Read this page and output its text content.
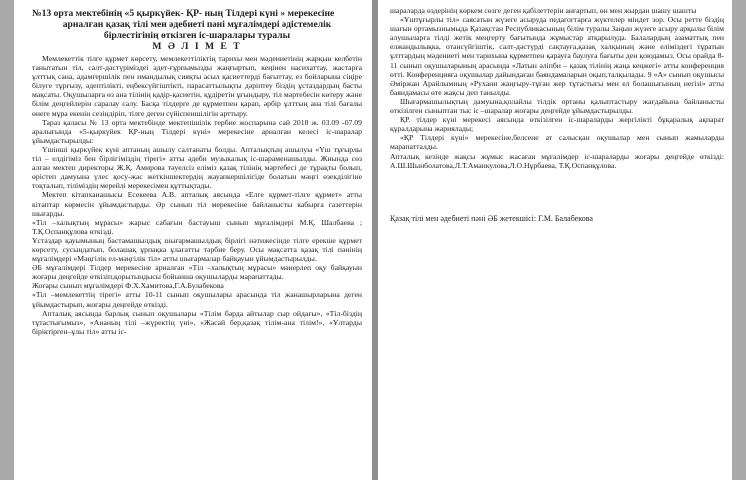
№13 орта мектебінің «5 қыркүйек- ҚР- ның Тілдері күні » мерекесіне
арналған қазақ тілі мен әдебиеті пәні мұғалімдері әдістемелік
бірлестігінің өткізген іс-шаралары туралы
М Ә Л І М Е Т

Мемлекеттік тілге құрмет көрсету, мемлекеттіліктің тарихы мен мәдениетінің жарқын келбетін танытатын тіл, салт-дәстүріміздеі әдет-ғұрпымызды жаңғыртып, кеңінен насихаттау, жастарға ұлттық сана, адамгершілік пен имандылық сияқты асыл қасиеттерді бағыттау, ез бойларына сіңіре білуге тұрғызу, әдептілікті, еңбексүйгіштікті, парасаттылықты дәріптеу біздің ұстаздардың басты мақсаты. Оқушыларға өз ана тілінің қадір-қасиетін, құдіретін ұғындыру, тіл мәртебесін көтеру және бiлiм деңгейлерiн саралау салу. Басқа тілдерге де құрметпен қарап, әрбір ұлттың ана тілі бағалы өнеге мұра екенін сезіндіріп, тілге деген сүйіспеншілігін арттыру.

Тараз қаласы № 13 орта мектебінде мектепішілік тербие жоспарына сай 2018 ж. 03.09 -07.09 аралығында «5-қыркүйек ҚР-ның Тілдері күні» мерекесіне арналған келесі іс-шаралар ұйымдастырылды:

Үшінші қыркүйек күні аптаның ашылу салтанаты болды. Апталықтың ашылуы «Үш тұғырлы тіл – елдігіміз бен бірлігіміздің тірегі» атты әдеби музыкалық іс-шараменашылды. Жиында сөз алған мектеп директоры Ж.Қ. Амирова тәуелсіз еліміз қазақ тілінің мәртебесі де тұрақты болып, өрістеп дамуына үлес қосу-жас жеткіншектердің жауапкершілігіде болатын мәңгі өзекділігіне тоқталып, тіліміздің мерейлі мерекесімен құттықтады.

Мектеп кітапханашысы Есекеева А.В. апталық аясында «Елге құрмет-тілге құрмет» атты кітаптар көрмесін ұйымдастырды. Әр сынып тіл мерекесіне байланысты кабырға газеттерін шығарды.

«Тіл –халықтың мұрасы» жарыс сабағын бастауыш сынып мұғалімдері М.Қ. Шалбаева ; Т.Қ.Оспанқұлова өткізді.

Ұстаздар қауымының бастамашылдық шығармашылдық бірлігі нәтижесінде тілге ерекше құрмет көрсету, сусындатып, болашақ ұрпақка ұлағатты тәрбие беру. Осы мақсатта қазақ тілі пәнінің мұғалімдері «Мәңгілік ел-мәңгілік тіл» атты шығармалар байқауын ұйымдастырылды.

ӘБ мұғалімдері Тілдер мерекесіне арналған «Тіл –халықтың мұрасы» мәнерлеп оқу байқауын жоғары деңгейде өткізіп,қорытындысы бойынша оқушыларды марапаттады.

Жоғары сынып мұғалімдері Ф.Х.Хамитова,Г.А.Булабекова

«Тіл –мемлекеттің тірегі» атты 10-11 сынып оқушылары арасында тіл жанашырларына деген ұйымдастырып, жоғары деңгейде өткізді.

Апталық аясында барлық сынып оқушылары «Тілім бәрда айтылар сыр ойдағы», «Тіл-біздің тұтастығымыз», «Ананың тілі –жүректің үні», «Жасай бер,қазақ тілім-ана тілім!», «Ұлтарды біріктірген–ұлы тіл» атты іс-

шараларда өздерінің көркем сөзге деген қабілеттерін анғартып, өн мен жырдан шашу шашты

«Ұштұғырлы тіл» саясатын жүзеге асыруда педагогтарға жүктелер міндет зор. Осы ретте біздің шағын ортамызнымыда Қазақстан Республикасының білім туралы Заңын жүзеге асыру арқылы білім алушыларға тілді жетік меңгерту бағытында жұмыстар атқарылуда. Балалардың азаматтық пен елжандылықка, отансүйгіштік, салт-дәстүрді сақтауға,қазақ халқының және еліміздегі тұратын ұлттардың мәдениеті мен тарихына құрметпен қарауға баулуға бағыты ден қоюдамыз. Осы орайда 8-11 сынып оқушыларының арасында «Латын әліпби – қазақ тілінің жаңа кеңжегі» атты конференция өтті. Конференцияға оқушылар дайындаған баяндамаларын оқып,талқылады. 9 «А» сынып оқушысы Әміржан Арайлымның «Рухани жаңғыру-тұған жер тұтастығы мен ел болашығының негізі» атты баяндамасы өте жақсы деп танылды.

Шығармашылықтың дамуына,қолайлы тілдік ортаны қалыптастыру жағдайына байланысты өткізілген сыныптан тыс іс –шаралар жоғары деңгейде ұйымдастырылды.

ҚР. тілдер күні мерекесі аясында өткізілген іс-шараларды жергілікті бұқаралық ақпарат құралдарына жариялады;

«ҚР Тілдері күні» мерекесіне,белсене ат салысқан оқушылар мен сынып жамыларды марапатталды.

Апталық кезінде жақсы жұмыс жасаған мұғалімдер іс-шараларды жоғары деңгейде өткізді: А.Ш.Шынболатова,Л.Т.Аманкулова,Л.О.Нұрбаева, Т.Қ.Оспанқұлова.

Қазақ тілі мен әдебиеті пәні ӘБ жетекшісі: Г.М. Балабекова
